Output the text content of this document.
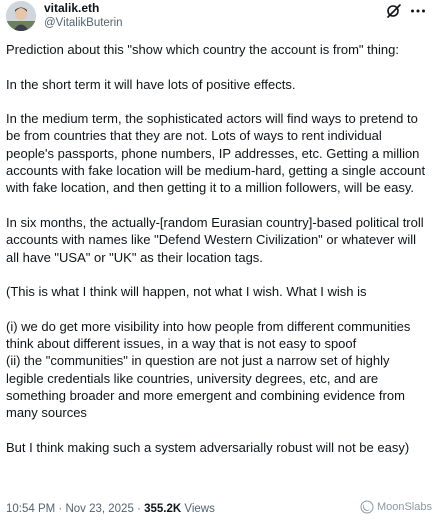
vitalik.eth
@VitalikButerin

Prediction about this "show which country the account is from" thing:

In the short term it will have lots of positive effects.

In the medium term, the sophisticated actors will find ways to pretend to be from countries that they are not. Lots of ways to rent individual people's passports, phone numbers, IP addresses, etc. Getting a million accounts with fake location will be medium-hard, getting a single account with fake location, and then getting it to a million followers, will be easy.

In six months, the actually-[random Eurasian country]-based political troll accounts with names like "Defend Western Civilization" or whatever will all have "USA" or "UK" as their location tags.

(This is what I think will happen, not what I wish. What I wish is

(i) we do get more visibility into how people from different communities think about different issues, in a way that is not easy to spoof

(ii) the "communities" in question are not just a narrow set of highly legible credentials like countries, university degrees, etc, and are something broader and more emergent and combining evidence from many sources

But I think making such a system adversarially robust will not be easy)

10:54 PM · Nov 23, 2025 · 355.2K Views	MoonSlabs
